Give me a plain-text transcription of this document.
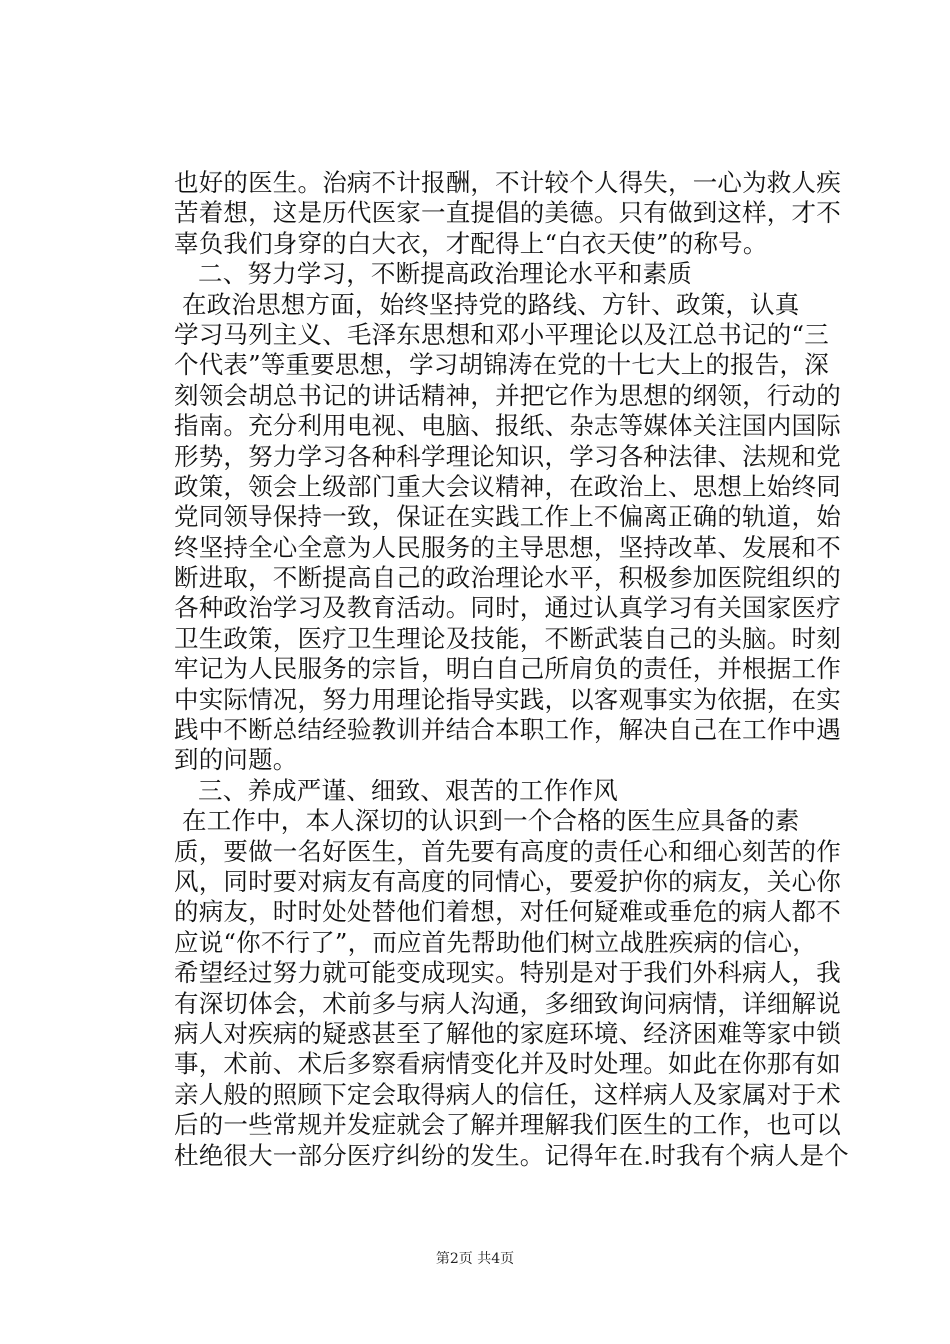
也好的医生。治病不计报酬，不计较个人得失，一心为救人疾
苦着想，这是历代医家一直提倡的美德。只有做到这样，才不
辜负我们身穿的白大衣，才配得上“白衣天使”的称号。
二、努力学习，不断提高政治理论水平和素质
在政治思想方面，始终坚持党的路线、方针、政策，认真
学习马列主义、毛泽东思想和邓小平理论以及江总书记的“三
个代表”等重要思想，学习胡锦涛在党的十七大上的报告，深
刻领会胡总书记的讲话精神，并把它作为思想的纲领，行动的
指南。充分利用电视、电脑、报纸、杂志等媒体关注国内国际
形势，努力学习各种科学理论知识，学习各种法律、法规和党
政策，领会上级部门重大会议精神，在政治上、思想上始终同
党同领导保持一致，保证在实践工作上不偏离正确的轨道，始
终坚持全心全意为人民服务的主导思想，坚持改革、发展和不
断进取，不断提高自己的政治理论水平，积极参加医院组织的
各种政治学习及教育活动。同时，通过认真学习有关国家医疗
卫生政策，医疗卫生理论及技能，不断武装自己的头脑。时刻
牢记为人民服务的宗旨，明白自己所肩负的责任，并根据工作
中实际情况，努力用理论指导实践，以客观事实为依据，在实
践中不断总结经验教训并结合本职工作，解决自己在工作中遇
到的问题。
三、养成严谨、细致、艰苦的工作作风
在工作中，本人深切的认识到一个合格的医生应具备的素
质，要做一名好医生，首先要有高度的责任心和细心刻苦的作
风，同时要对病友有高度的同情心，要爱护你的病友，关心你
的病友，时时处处替他们着想，对任何疑难或垂危的病人都不
应说“你不行了”，而应首先帮助他们树立战胜疾病的信心，
希望经过努力就可能变成现实。特别是对于我们外科病人，我
有深切体会，术前多与病人沟通，多细致询问病情，详细解说
病人对疾病的疑惑甚至了解他的家庭环境、经济困难等家中锁
事，术前、术后多察看病情变化并及时处理。如此在你那有如
亲人般的照顾下定会取得病人的信任，这样病人及家属对于术
后的一些常规并发症就会了解并理解我们医生的工作，也可以
杜绝很大一部分医疗纠纷的发生。记得年在.时我有个病人是个
第2页 共4页
